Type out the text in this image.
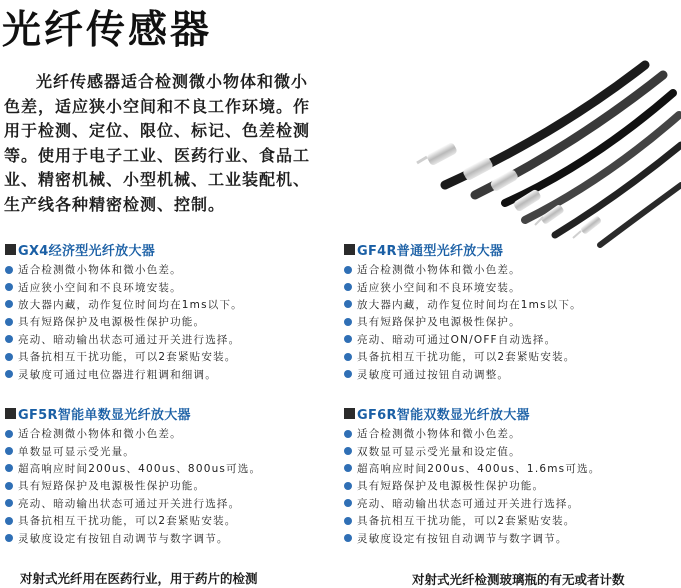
光纤传感器
光纤传感器适合检测微小物体和微小色差，适应狭小空间和不良工作环境。作用于检测、定位、限位、标记、色差检测等。使用于电子工业、医药行业、食品工业、精密机械、小型机械、工业装配机、生产线各种精密检测、控制。
GX4经济型光纤放大器
适合检测微小物体和微小色差。
适应狭小空间和不良环境安装。
放大器内藏，动作复位时间均在1ms以下。
具有短路保护及电源极性保护功能。
亮动、暗动输出状态可通过开关进行选择。
具备抗相互干扰功能，可以2套紧贴安装。
灵敏度可通过电位器进行粗调和细调。
GF4R普通型光纤放大器
适合检测微小物体和微小色差。
适应狭小空间和不良环境安装。
放大器内藏，动作复位时间均在1ms以下。
具有短路保护及电源极性保护。
亮动、暗动可通过ON/OFF自动选择。
具备抗相互干扰功能，可以2套紧贴安装。
灵敏度可通过按钮自动调整。
GF5R智能单数显光纤放大器
适合检测微小物体和微小色差。
单数显可显示受光量。
超高响应时间200us、400us、800us可选。
具有短路保护及电源极性保护功能。
亮动、暗动输出状态可通过开关进行选择。
具备抗相互干扰功能，可以2套紧贴安装。
灵敏度设定有按钮自动调节与数字调节。
GF6R智能双数显光纤放大器
适合检测微小物体和微小色差。
双数显可显示受光量和设定值。
超高响应时间200us、400us、1.6ms可选。
具有短路保护及电源极性保护功能。
亮动、暗动输出状态可通过开关进行选择。
具备抗相互干扰功能，可以2套紧贴安装。
灵敏度设定有按钮自动调节与数字调节。
对射式光纤用在医药行业，用于药片的检测	对射式光纤检测玻璃瓶的有无或者计数
